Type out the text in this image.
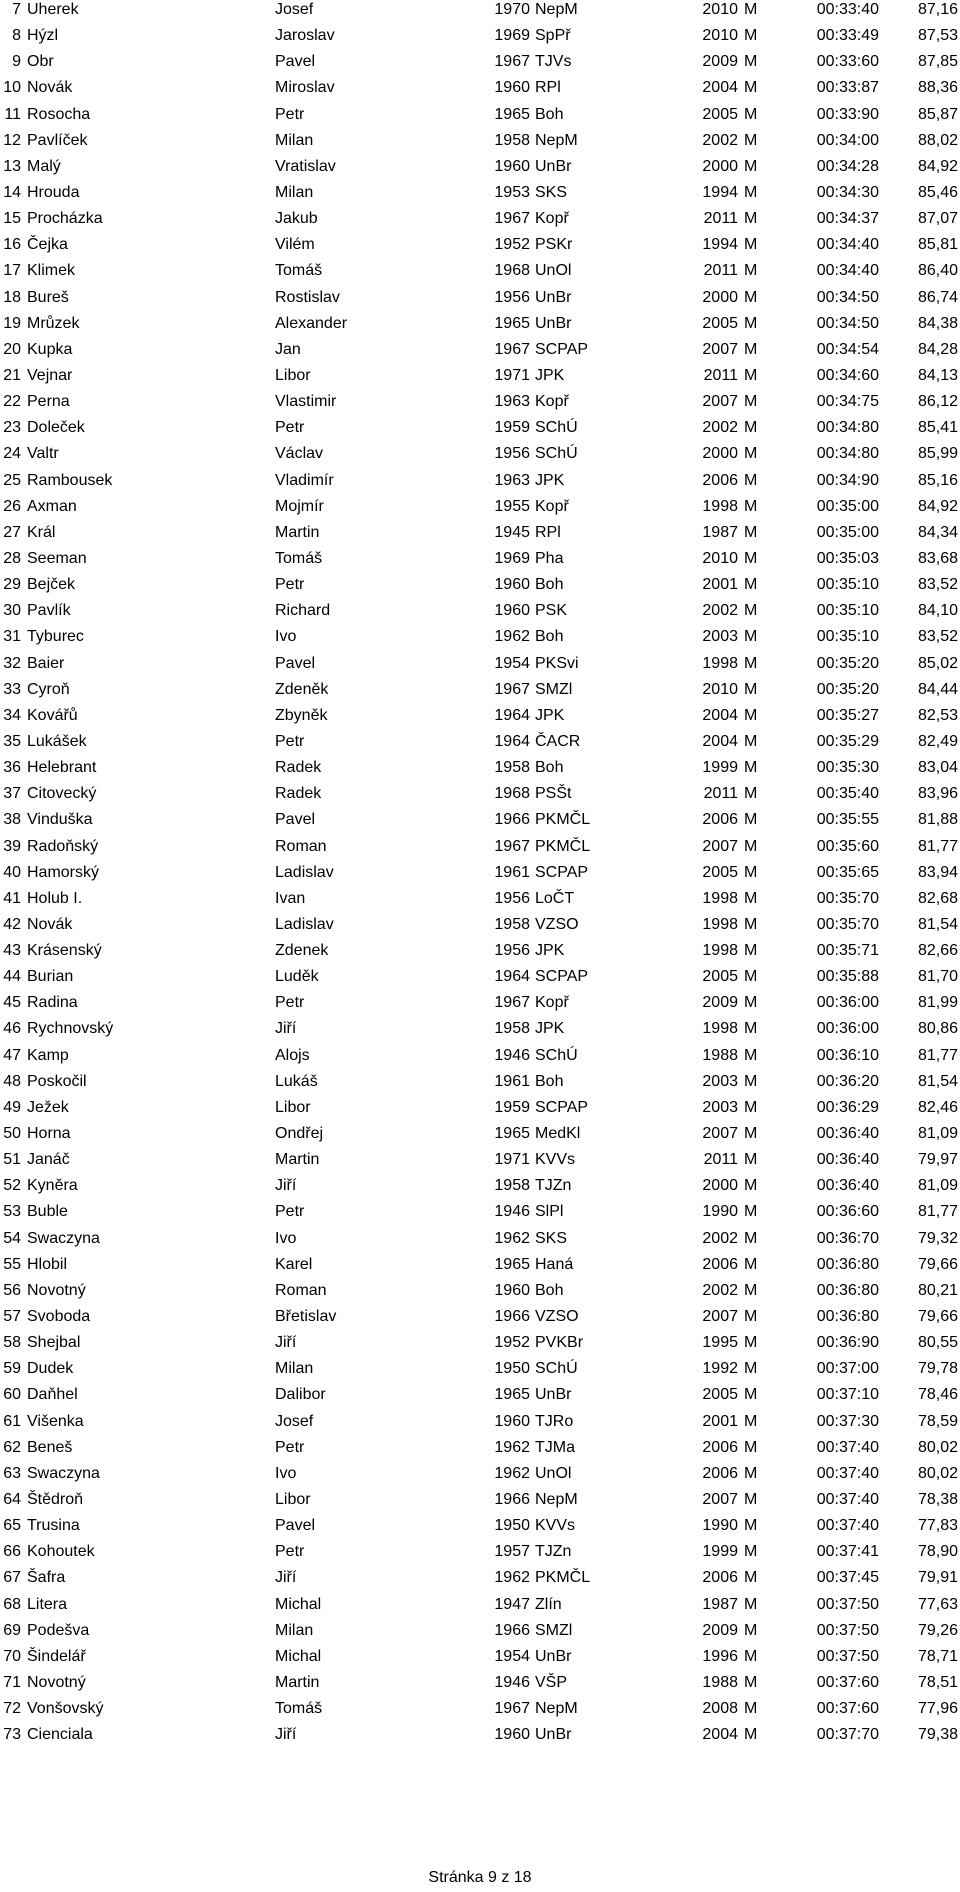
7 Uherek	Josef	1970 NepM	2010 M	00:33:40	87,16
8 Hýzl	Jaroslav	1969 SpPř	2010 M	00:33:49	87,53
9 Obr	Pavel	1967 TJVs	2009 M	00:33:60	87,85
10 Novák	Miroslav	1960 RPl	2004 M	00:33:87	88,36
11 Rosocha	Petr	1965 Boh	2005 M	00:33:90	85,87
12 Pavlíček	Milan	1958 NepM	2002 M	00:34:00	88,02
13 Malý	Vratislav	1960 UnBr	2000 M	00:34:28	84,92
14 Hrouda	Milan	1953 SKS	1994 M	00:34:30	85,46
15 Procházka	Jakub	1967 Kopř	2011 M	00:34:37	87,07
16 Čejka	Vilém	1952 PSKr	1994 M	00:34:40	85,81
17 Klimek	Tomáš	1968 UnOl	2011 M	00:34:40	86,40
18 Bureš	Rostislav	1956 UnBr	2000 M	00:34:50	86,74
19 Mrůzek	Alexander	1965 UnBr	2005 M	00:34:50	84,38
20 Kupka	Jan	1967 SCPAP	2007 M	00:34:54	84,28
21 Vejnar	Libor	1971 JPK	2011 M	00:34:60	84,13
22 Perna	Vlastimir	1963 Kopř	2007 M	00:34:75	86,12
23 Doleček	Petr	1959 SChÚ	2002 M	00:34:80	85,41
24 Valtr	Václav	1956 SChÚ	2000 M	00:34:80	85,99
25 Rambousek	Vladimír	1963 JPK	2006 M	00:34:90	85,16
26 Axman	Mojmír	1955 Kopř	1998 M	00:35:00	84,92
27 Král	Martin	1945 RPl	1987 M	00:35:00	84,34
28 Seeman	Tomáš	1969 Pha	2010 M	00:35:03	83,68
29 Bejček	Petr	1960 Boh	2001 M	00:35:10	83,52
30 Pavlík	Richard	1960 PSK	2002 M	00:35:10	84,10
31 Tyburec	Ivo	1962 Boh	2003 M	00:35:10	83,52
32 Baier	Pavel	1954 PKSvi	1998 M	00:35:20	85,02
33 Cyroň	Zdeněk	1967 SMZl	2010 M	00:35:20	84,44
34 Kovářů	Zbyněk	1964 JPK	2004 M	00:35:27	82,53
35 Lukášek	Petr	1964 ČACR	2004 M	00:35:29	82,49
36 Helebrant	Radek	1958 Boh	1999 M	00:35:30	83,04
37 Citovecký	Radek	1968 PSŠt	2011 M	00:35:40	83,96
38 Vinduška	Pavel	1966 PKMČL	2006 M	00:35:55	81,88
39 Radoňský	Roman	1967 PKMČL	2007 M	00:35:60	81,77
40 Hamorský	Ladislav	1961 SCPAP	2005 M	00:35:65	83,94
41 Holub I.	Ivan	1956 LoČT	1998 M	00:35:70	82,68
42 Novák	Ladislav	1958 VZSO	1998 M	00:35:70	81,54
43 Krásenský	Zdenek	1956 JPK	1998 M	00:35:71	82,66
44 Burian	Luděk	1964 SCPAP	2005 M	00:35:88	81,70
45 Radina	Petr	1967 Kopř	2009 M	00:36:00	81,99
46 Rychnovský	Jiří	1958 JPK	1998 M	00:36:00	80,86
47 Kamp	Alojs	1946 SChÚ	1988 M	00:36:10	81,77
48 Poskočil	Lukáš	1961 Boh	2003 M	00:36:20	81,54
49 Ježek	Libor	1959 SCPAP	2003 M	00:36:29	82,46
50 Horna	Ondřej	1965 MedKl	2007 M	00:36:40	81,09
51 Janáč	Martin	1971 KVVs	2011 M	00:36:40	79,97
52 Kyněra	Jiří	1958 TJZn	2000 M	00:36:40	81,09
53 Buble	Petr	1946 SlPl	1990 M	00:36:60	81,77
54 Swaczyna	Ivo	1962 SKS	2002 M	00:36:70	79,32
55 Hlobil	Karel	1965 Haná	2006 M	00:36:80	79,66
56 Novotný	Roman	1960 Boh	2002 M	00:36:80	80,21
57 Svoboda	Břetislav	1966 VZSO	2007 M	00:36:80	79,66
58 Shejbal	Jiří	1952 PVKBr	1995 M	00:36:90	80,55
59 Dudek	Milan	1950 SChÚ	1992 M	00:37:00	79,78
60 Daňhel	Dalibor	1965 UnBr	2005 M	00:37:10	78,46
61 Višenka	Josef	1960 TJRo	2001 M	00:37:30	78,59
62 Beneš	Petr	1962 TJMa	2006 M	00:37:40	80,02
63 Swaczyna	Ivo	1962 UnOl	2006 M	00:37:40	80,02
64 Štědroň	Libor	1966 NepM	2007 M	00:37:40	78,38
65 Trusina	Pavel	1950 KVVs	1990 M	00:37:40	77,83
66 Kohoutek	Petr	1957 TJZn	1999 M	00:37:41	78,90
67 Šafra	Jiří	1962 PKMČL	2006 M	00:37:45	79,91
68 Litera	Michal	1947 Zlín	1987 M	00:37:50	77,63
69 Podešva	Milan	1966 SMZl	2009 M	00:37:50	79,26
70 Šindelář	Michal	1954 UnBr	1996 M	00:37:50	78,71
71 Novotný	Martin	1946 VŠP	1988 M	00:37:60	78,51
72 Vonšovský	Tomáš	1967 NepM	2008 M	00:37:60	77,96
73 Cienciala	Jiří	1960 UnBr	2004 M	00:37:70	79,38
Stránka 9 z 18
